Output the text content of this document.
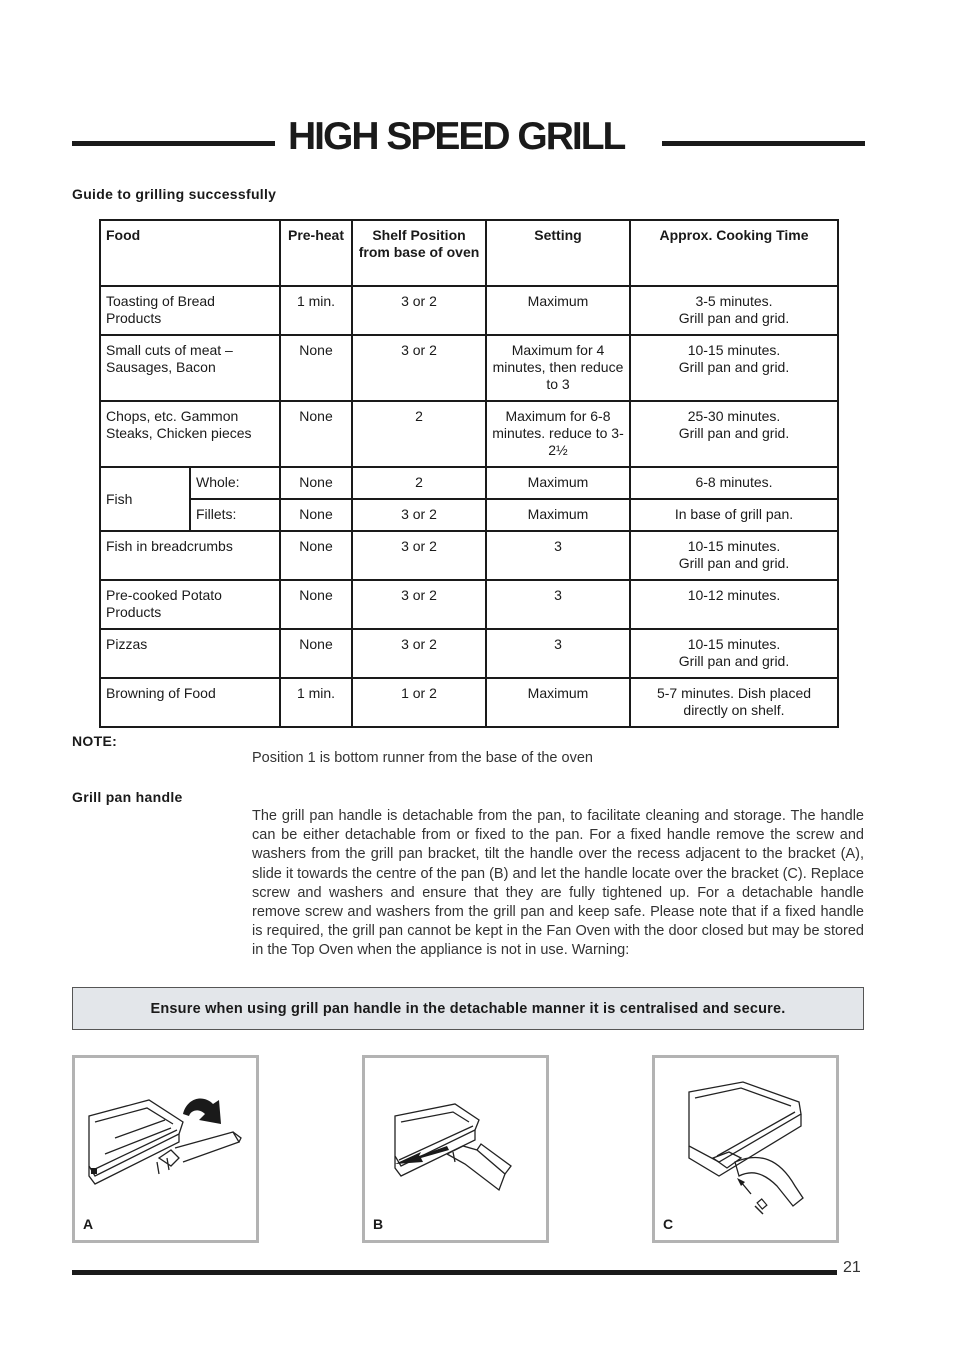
HIGH SPEED GRILL
Guide to grilling successfully
Food		Pre-heat	Shelf Position from base of oven	Setting	Approx. Cooking Time
Toasting of Bread Products		1 min.	3 or 2	Maximum	3-5 minutes.
Grill pan and grid.
Small cuts of meat – Sausages, Bacon		None	3 or 2	Maximum for 4 minutes, then reduce to 3	10-15 minutes.
Grill pan and grid.
Chops, etc. Gammon Steaks, Chicken pieces		None	2	Maximum for 6-8 minutes. reduce to 3-2½	25-30 minutes.
Grill pan and grid.
Fish	Whole:	None	2	Maximum	6-8 minutes.
	Fillets:	None	3 or 2	Maximum	In base of grill pan.
Fish in breadcrumbs		None	3 or 2	3	10-15 minutes.
Grill pan and grid.
Pre-cooked Potato Products		None	3 or 2	3	10-12 minutes.
Pizzas		None	3 or 2	3	10-15 minutes.
Grill pan and grid.
Browning of Food		1 min.	1 or 2	Maximum	5-7 minutes. Dish placed directly on shelf.
NOTE:
Position 1 is bottom runner from the base of the oven
Grill pan handle
The grill pan handle is detachable from the pan, to facilitate cleaning and storage. The handle can be either detachable from or fixed to the pan. For a fixed handle remove the screw and washers from the grill pan bracket, tilt the handle over the recess adjacent to the bracket (A), slide it towards the centre of the pan (B) and let the handle locate over the bracket (C). Replace screw and washers and ensure that they are fully tightened up. For a detachable handle remove screw and washers from the grill pan and keep safe. Please note that if a fixed handle is required, the grill pan cannot be kept in the Fan Oven with the door closed but may be stored in the Top Oven when the appliance is not in use. Warning:
Ensure when using grill pan handle in the detachable manner it is centralised and secure.
A	B	C
21
